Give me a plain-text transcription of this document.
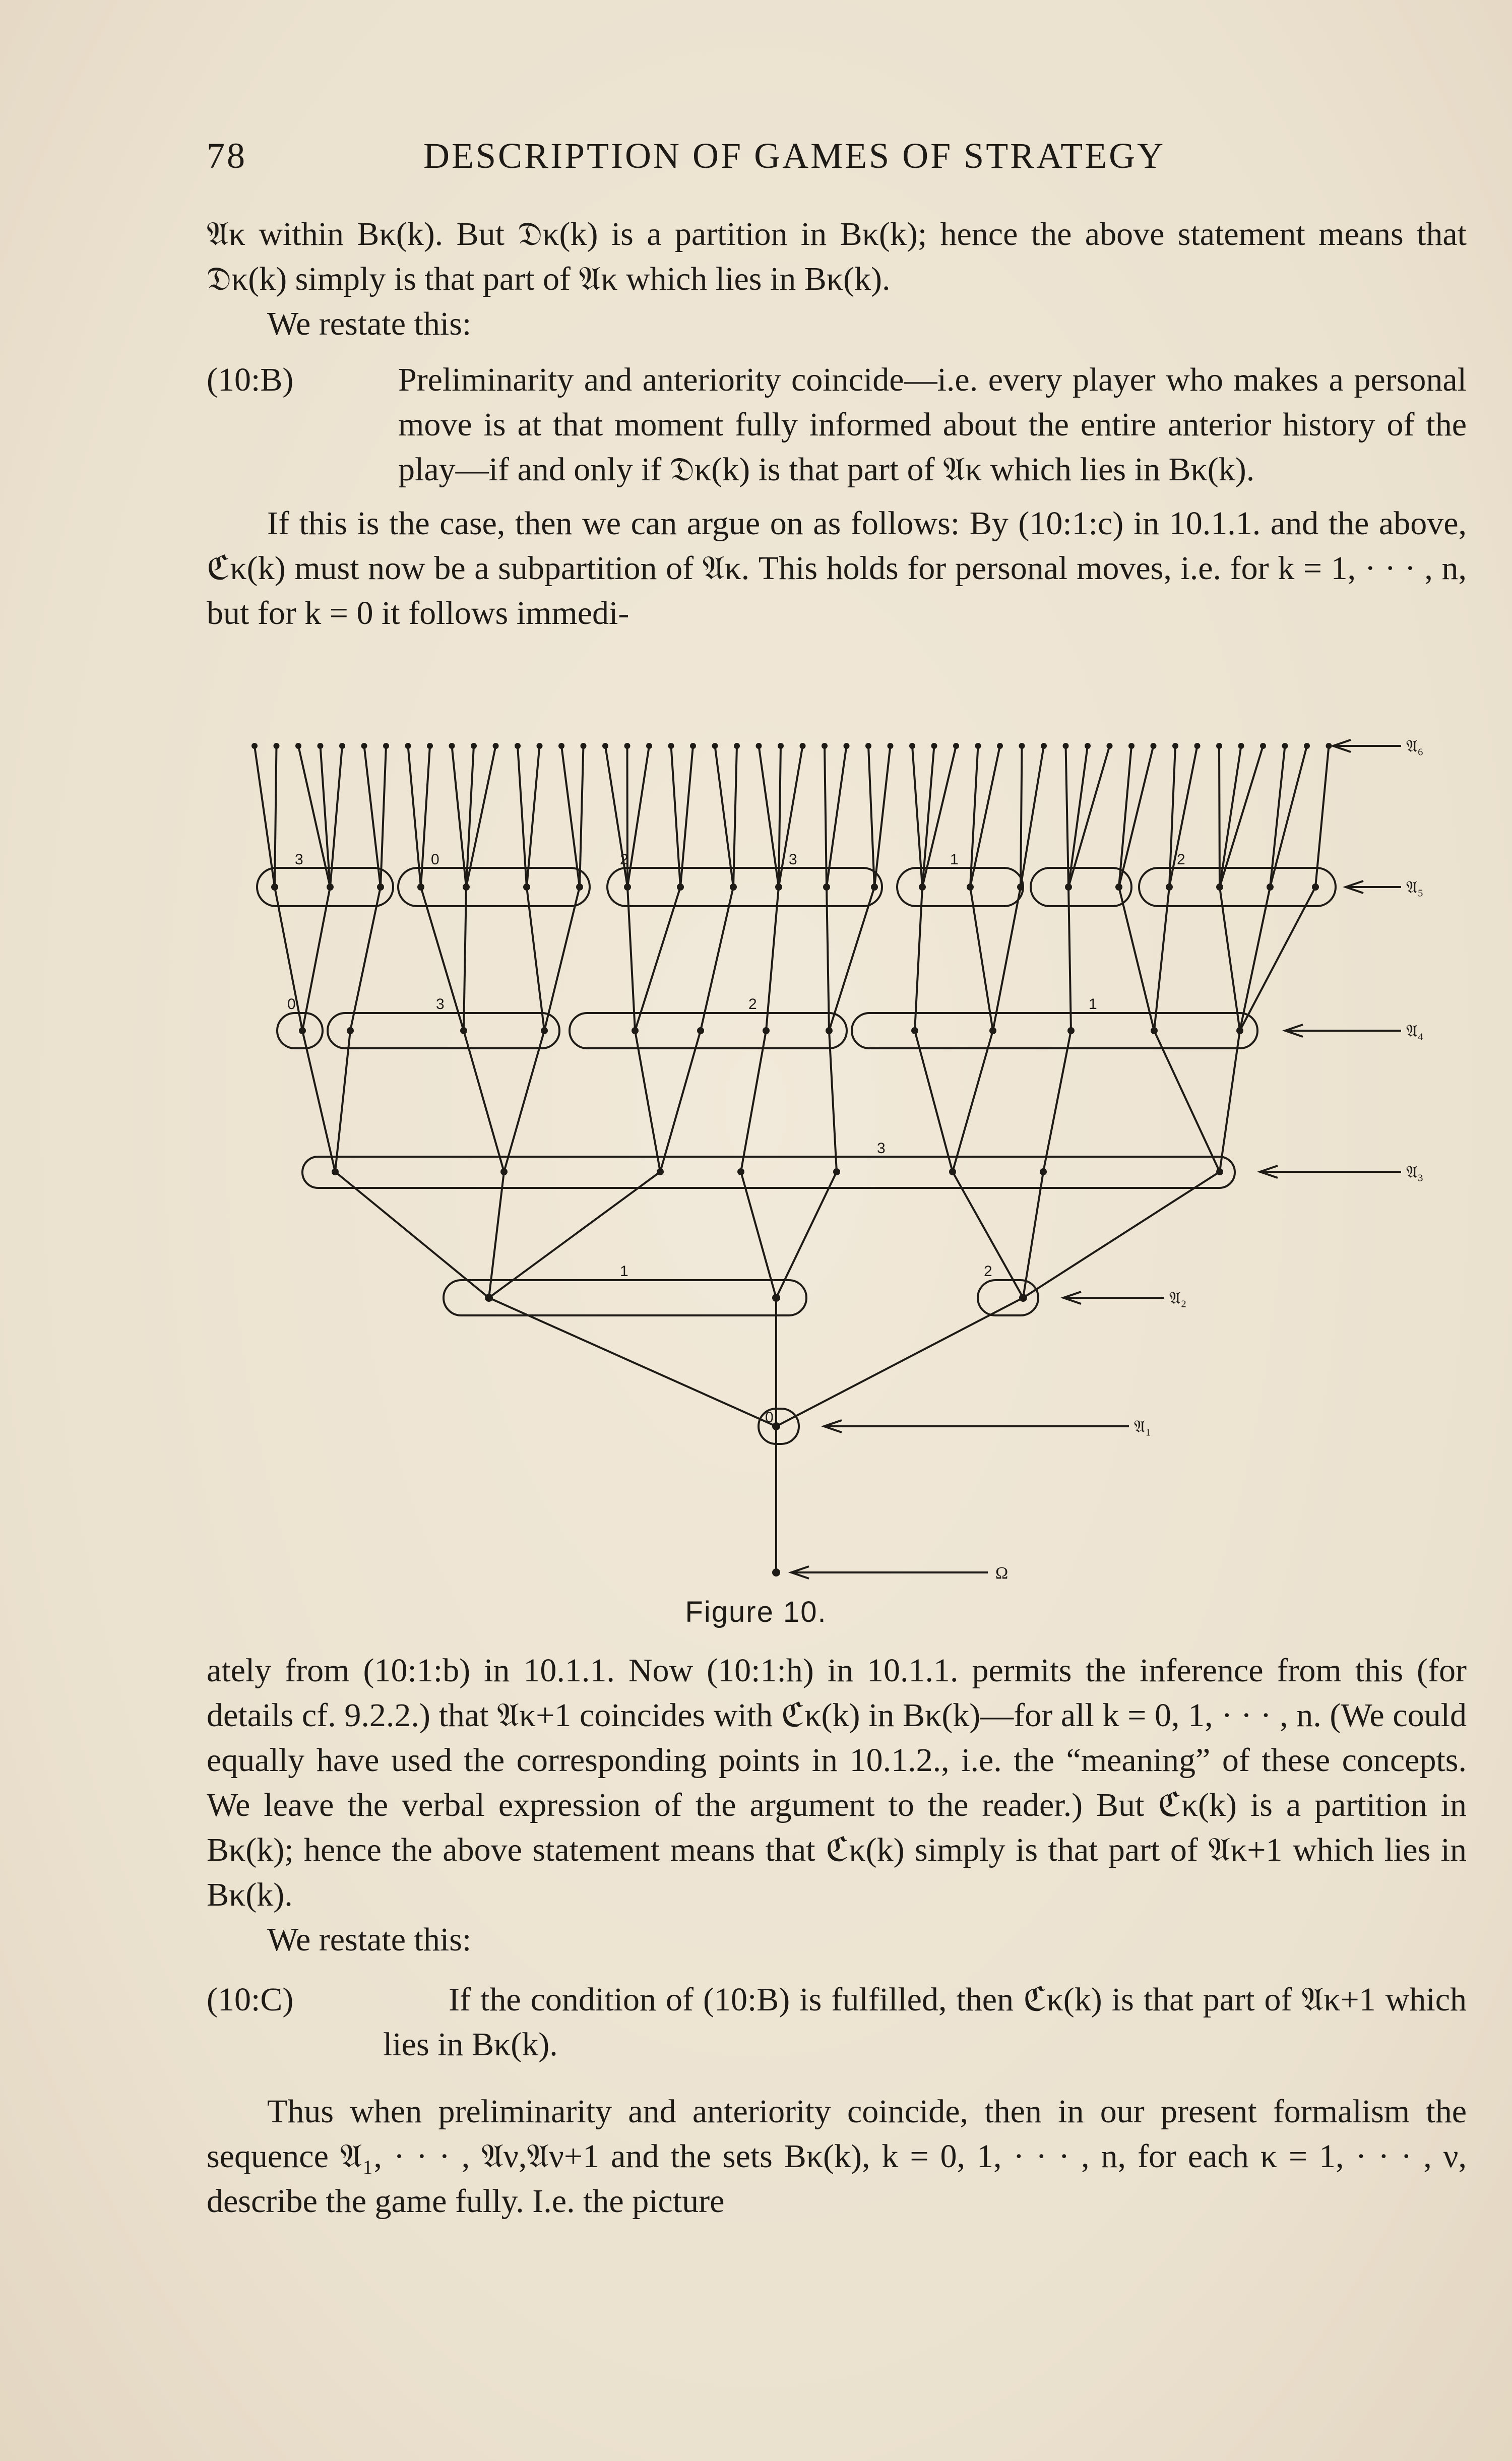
78	DESCRIPTION OF GAMES OF STRATEGY

𝔄κ within Bκ(k). But 𝔇κ(k) is a partition in Bκ(k); hence the above statement means that 𝔇κ(k) simply is that part of 𝔄κ which lies in Bκ(k).

We restate this:

(10:B)	Preliminarity and anteriority coincide—i.e. every player who makes a personal move is at that moment fully informed about the entire anterior history of the play—if and only if 𝔇κ(k) is that part of 𝔄κ which lies in Bκ(k).

If this is the case, then we can argue on as follows: By (10:1:c) in 10.1.1. and the above, ℭκ(k) must now be a subpartition of 𝔄κ. This holds for personal moves, i.e. for k = 1, · · · , n, but for k = 0 it follows immedi-

0
1	2
3
0	3	2	1
3	0	2	3	1	2
𝔄₆
𝔄₅
𝔄₄
𝔄₃
𝔄₂
𝔄₁
Ω
Figure 10.

ately from (10:1:b) in 10.1.1. Now (10:1:h) in 10.1.1. permits the inference from this (for details cf. 9.2.2.) that 𝔄κ+1 coincides with ℭκ(k) in Bκ(k)—for all k = 0, 1, · · · , n. (We could equally have used the corresponding points in 10.1.2., i.e. the “meaning” of these concepts. We leave the verbal expression of the argument to the reader.) But ℭκ(k) is a partition in Bκ(k); hence the above statement means that ℭκ(k) simply is that part of 𝔄κ+1 which lies in Bκ(k).

We restate this:

(10:C)	If the condition of (10:B) is fulfilled, then ℭκ(k) is that part of 𝔄κ+1 which lies in Bκ(k).

Thus when preliminarity and anteriority coincide, then in our present formalism the sequence 𝔄₁, · · · , 𝔄ν,𝔄ν+1 and the sets Bκ(k), k = 0, 1, · · · , n, for each κ = 1, · · · , ν, describe the game fully. I.e. the picture
